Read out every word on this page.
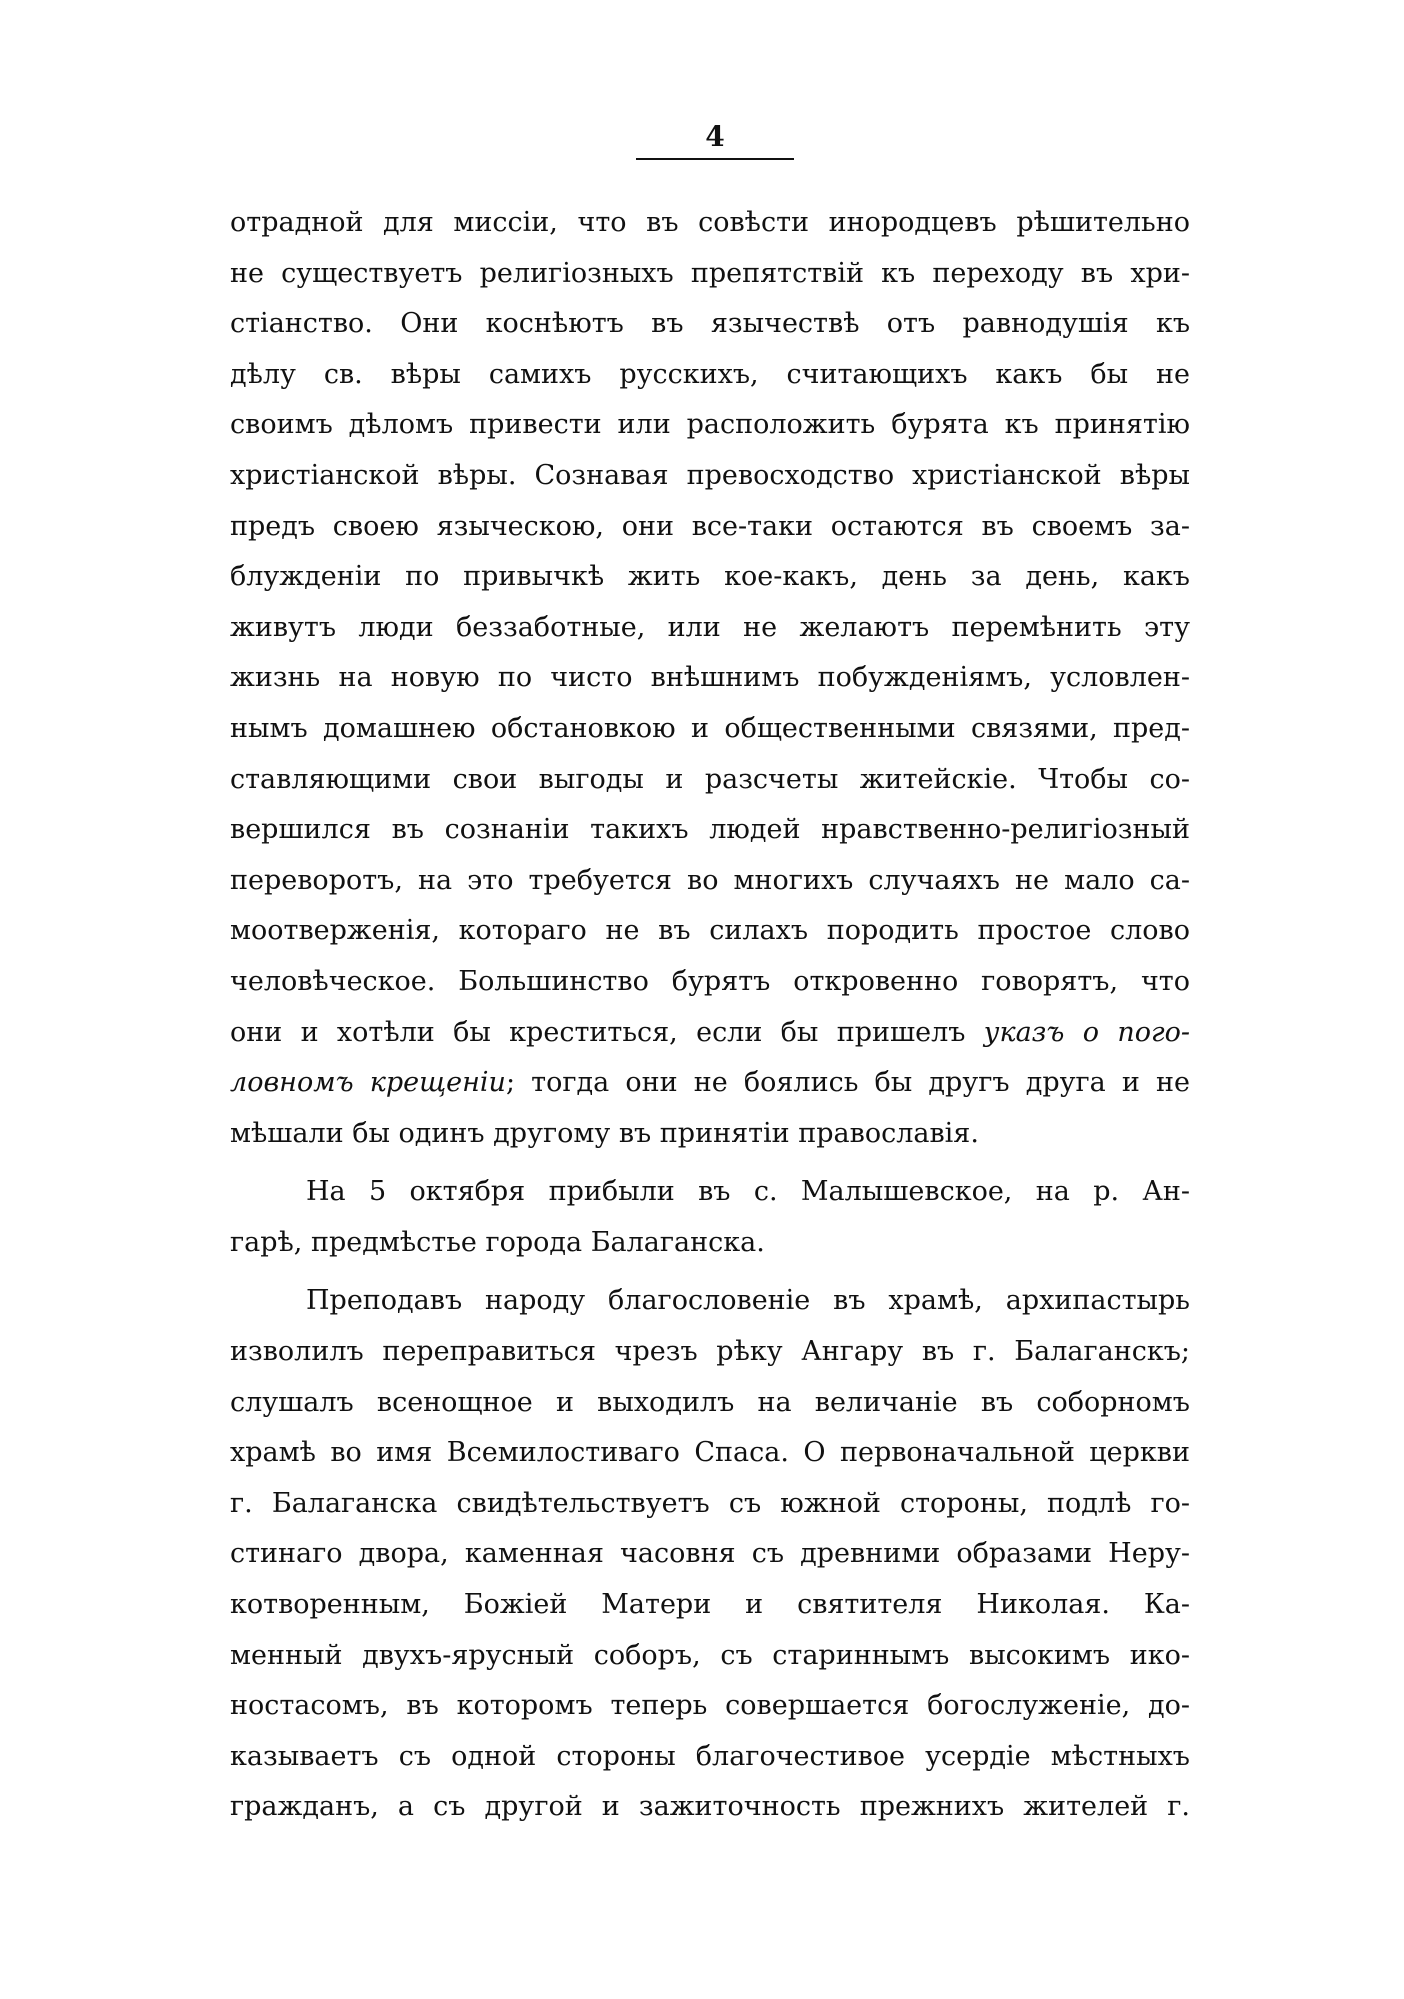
4
отрадной для миссіи, что въ совѣсти инородцевъ рѣшительно
не существуетъ религіозныхъ препятствій къ переходу въ хри-
стіанство. Они коснѣютъ въ язычествѣ отъ равнодушія къ
дѣлу св. вѣры самихъ русскихъ, считающихъ какъ бы не
своимъ дѣломъ привести или расположить бурята къ принятію
христіанской вѣры. Сознавая превосходство христіанской вѣры
предъ своею языческою, они все-таки остаются въ своемъ за-
блужденіи по привычкѣ жить кое-какъ, день за день, какъ
живутъ люди беззаботные, или не желаютъ перемѣнить эту
жизнь на новую по чисто внѣшнимъ побужденіямъ, условлен-
нымъ домашнею обстановкою и общественными связями, пред-
ставляющими свои выгоды и разсчеты житейскіе. Чтобы со-
вершился въ сознаніи такихъ людей нравственно-религіозный
переворотъ, на это требуется во многихъ случаяхъ не мало са-
моотверженія, котораго не въ силахъ породить простое слово
человѣческое. Большинство бурятъ откровенно говорятъ, что
они и хотѣли бы креститься, если бы пришелъ указъ о пого-
ловномъ крещеніи; тогда они не боялись бы другъ друга и не
мѣшали бы одинъ другому въ принятіи православія.
На 5 октября прибыли въ с. Малышевское, на р. Ан-
гарѣ, предмѣстье города Балаганска.
Преподавъ народу благословеніе въ храмѣ, архипастырь
изволилъ переправиться чрезъ рѣку Ангару въ г. Балаганскъ;
слушалъ всенощное и выходилъ на величаніе въ соборномъ
храмѣ во имя Всемилостиваго Спаса. О первоначальной церкви
г. Балаганска свидѣтельствуетъ съ южной стороны, подлѣ го-
стинаго двора, каменная часовня съ древними образами Неру-
котворенным, Божіей Матери и святителя Николая. Ка-
менный двухъ-ярусный соборъ, съ стариннымъ высокимъ ико-
ностасомъ, въ которомъ теперь совершается богослуженіе, до-
казываетъ съ одной стороны благочестивое усердіе мѣстныхъ
гражданъ, а съ другой и зажиточность прежнихъ жителей г.
